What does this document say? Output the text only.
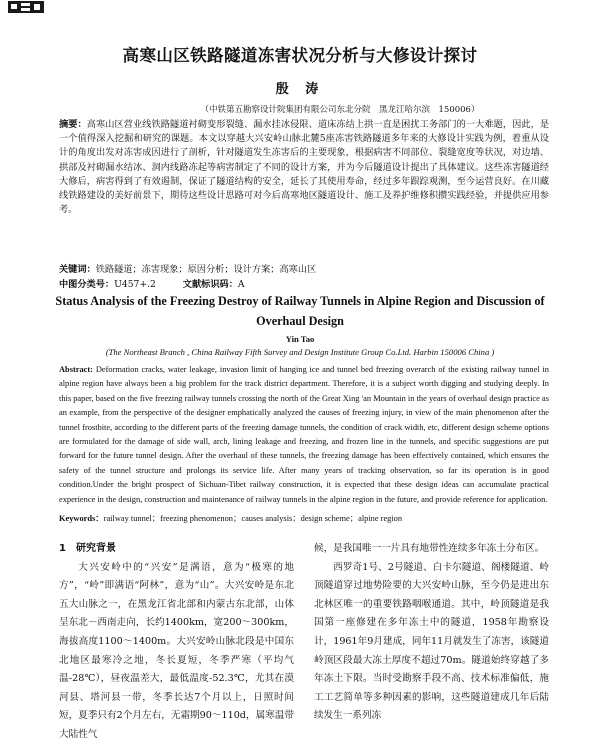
高寒山区铁路隧道冻害状况分析与大修设计探讨
殷 涛
（中铁第五勘察设计院集团有限公司东北分院　黑龙江哈尔滨　150006）
摘要：高寒山区营业线铁路隧道衬砌变形裂缝、漏水挂冰侵限、道床冻结上拱一直是困扰工务部门的一大难题，因此，是一个值得深入挖掘和研究的课题。本文以穿越大兴安岭山脉北麓5座冻害铁路隧道多年来的大修设计实践为例，着重从设计的角度出发对冻害成因进行了剖析，针对隧道发生冻害后的主要现象，根据病害不同部位、裂缝宽度等状况，对边墙、拱部及衬砌漏水结冰、洞内线路冻起等病害制定了不同的设计方案，并为今后隧道设计提出了具体建议。这些冻害隧道经大修后，病害得到了有效遏制，保证了隧道结构的安全，延长了其使用寿命，经过多年跟踪观测，至今运营良好。在川藏线铁路建设的美好前景下，期待这些设计思路可对今后高寒地区隧道设计、施工及养护维修积攒实践经验，并提供应用参考。
关键词：铁路隧道；冻害现象；原因分析；设计方案；高寒山区
中图分类号：U457+.2	文献标识码：A
Status Analysis of the Freezing Destroy of Railway Tunnels in Alpine Region and Discussion of Overhaul Design
Yin Tao
(The Northeast Branch , China Railway Fifth Survey and Design Institute Group Co.Ltd. Harbin 150006 China )
Abstract: Deformation cracks, water leakage, invasion limit of hanging ice and tunnel bed freezing overarch of the existing railway tunnel in alpine region have always been a big problem for the track district department. Therefore, it is a subject worth digging and studying deeply. In this paper, based on the five freezing railway tunnels crossing the north of the Great Xing 'an Mountain in the years of overhaul design practice as an example, from the perspective of the designer emphatically analyzed the causes of freezing injury, in view of the main phenomenon after the tunnel frostbite, according to the different parts of the freezing damage tunnels, the condition of crack width, etc, different design scheme options are formulated for the damage of side wall, arch, lining leakage and freezing, and frozen line in the tunnels, and specific suggestions are put forward for the future tunnel design. After the overhaul of these tunnels, the freezing damage has been effectively contained, which ensures the safety of the tunnel structure and prolongs its service life. After many years of tracking observation, so far its operation is in good condition.Under the bright prospect of Sichuan-Tibet railway construction, it is expected that these design ideas can accumulate practical experience in the design, construction and maintenance of railway tunnels in the alpine region in the future, and provide reference for application.
Keywords：railway tunnel；freezing phenomenon；causes analysis；design scheme；alpine region

1　研究背景

大兴安岭中的“兴安”是满语，意为“极寒的地方”，“岭”即满语“阿林”，意为“山”。大兴安岭是东北五大山脉之一，在黑龙江省北部和内蒙古东北部，山体呈东北－西南走向，长约1400km，宽200～300km，海拔高度1100～1400m。大兴安岭山脉北段是中国东北地区最寒冷之地，冬长夏短，冬季严寒（平均气温-28℃），昼夜温差大，最低温度-52.3℃，尤其在漠河县、塔河县一带，冬季长达7个月以上，日照时间短，夏季只有2个月左右，无霜期90～110d，属寒温带大陆性气

候，是我国唯一一片具有地带性连续多年冻土分布区。

西罗奇1号、2号隧道、白卡尔隧道、阁楼隧道、岭顶隧道穿过地势险要的大兴安岭山脉，至今仍是进出东北林区唯一的重要铁路咽喉通道。其中，岭顶隧道是我国第一座修建在多年冻土中的隧道，1958年勘察设计，1961年9月建成，同年11月就发生了冻害，该隧道岭顶区段最大冻土厚度不超过70m。隧道始终穿越了多年冻土下限。当时受勘察手段不高、技术标准偏低，施工工艺简单等多种因素的影响，这些隧道建成几年后陆续发生一系列冻
